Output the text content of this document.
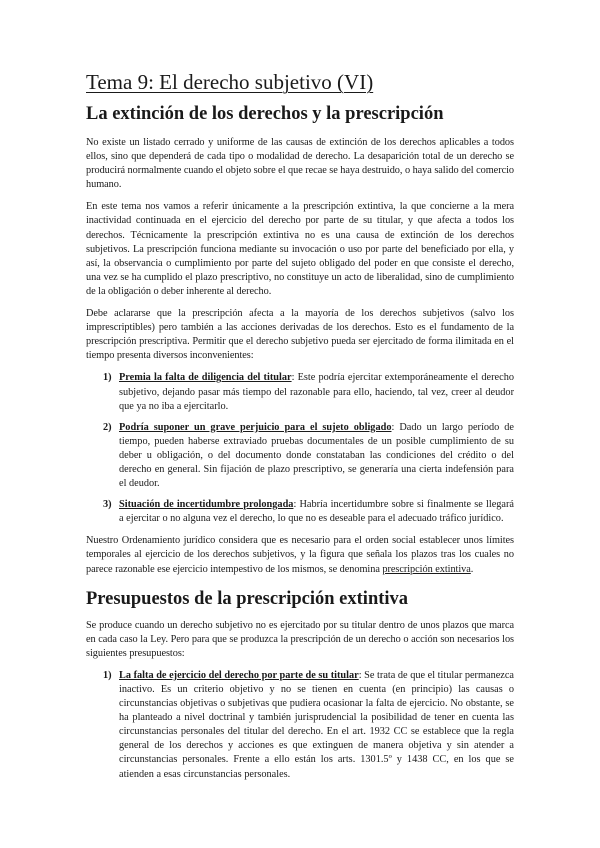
Tema 9: El derecho subjetivo (VI)
La extinción de los derechos y la prescripción

No existe un listado cerrado y uniforme de las causas de extinción de los derechos aplicables a todos ellos, sino que dependerá de cada tipo o modalidad de derecho. La desaparición total de un derecho se producirá normalmente cuando el objeto sobre el que recae se haya destruido, o haya salido del comercio humano.

En este tema nos vamos a referir únicamente a la prescripción extintiva, la que concierne a la mera inactividad continuada en el ejercicio del derecho por parte de su titular, y que afecta a todos los derechos. Técnicamente la prescripción extintiva no es una causa de extinción de los derechos subjetivos. La prescripción funciona mediante su invocación o uso por parte del beneficiado por ella, y así, la observancia o cumplimiento por parte del sujeto obligado del poder en que consiste el derecho, una vez se ha cumplido el plazo prescriptivo, no constituye un acto de liberalidad, sino de cumplimiento de la obligación o deber inherente al derecho.

Debe aclararse que la prescripción afecta a la mayoría de los derechos subjetivos (salvo los imprescriptibles) pero también a las acciones derivadas de los derechos. Esto es el fundamento de la prescripción prescriptiva. Permitir que el derecho subjetivo pueda ser ejercitado de forma ilimitada en el tiempo presenta diversos inconvenientes:

1) Premia la falta de diligencia del titular: Este podría ejercitar extemporáneamente el derecho subjetivo, dejando pasar más tiempo del razonable para ello, haciendo, tal vez, creer al deudor que ya no iba a ejercitarlo.
2) Podría suponer un grave perjuicio para el sujeto obligado: Dado un largo período de tiempo, pueden haberse extraviado pruebas documentales de un posible cumplimiento de su deber u obligación, o del documento donde constataban las condiciones del crédito o del derecho en general. Sin fijación de plazo prescriptivo, se generaría una cierta indefensión para el deudor.
3) Situación de incertidumbre prolongada: Habría incertidumbre sobre si finalmente se llegará a ejercitar o no alguna vez el derecho, lo que no es deseable para el adecuado tráfico jurídico.

Nuestro Ordenamiento jurídico considera que es necesario para el orden social establecer unos límites temporales al ejercicio de los derechos subjetivos, y la figura que señala los plazos tras los cuales no parece razonable ese ejercicio intempestivo de los mismos, se denomina prescripción extintiva.

Presupuestos de la prescripción extintiva

Se produce cuando un derecho subjetivo no es ejercitado por su titular dentro de unos plazos que marca en cada caso la Ley. Pero para que se produzca la prescripción de un derecho o acción son necesarios los siguientes presupuestos:

1) La falta de ejercicio del derecho por parte de su titular: Se trata de que el titular permanezca inactivo. Es un criterio objetivo y no se tienen en cuenta (en principio) las causas o circunstancias objetivas o subjetivas que pudiera ocasionar la falta de ejercicio. No obstante, se ha planteado a nivel doctrinal y también jurisprudencial la posibilidad de tener en cuenta las circunstancias personales del titular del derecho. En el art. 1932 CC se establece que la regla general de los derechos y acciones es que extinguen de manera objetiva y sin atender a circunstancias personales. Frente a ello están los arts. 1301.5º y 1438 CC, en los que se atienden a esas circunstancias personales.
